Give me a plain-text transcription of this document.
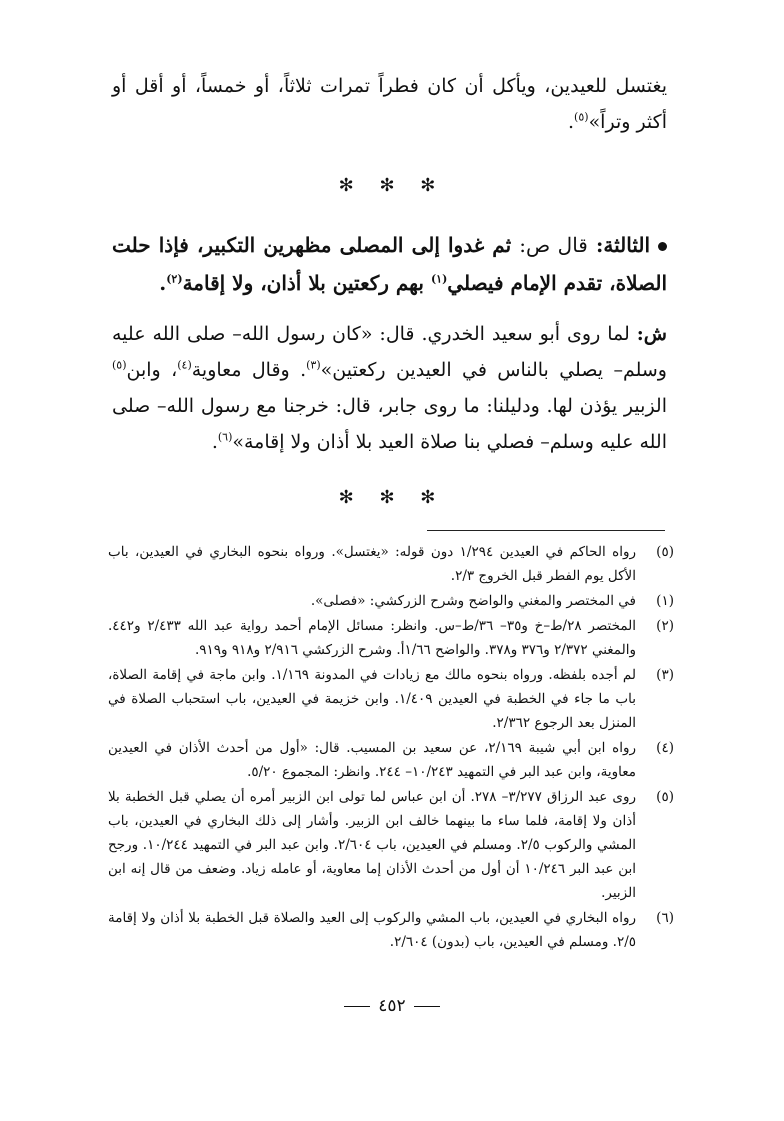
يغتسل للعيدين، ويأكل أن كان فطراً تمرات ثلاثاً، أو خمساً، أو أقل أو أكثر وتراً»$^{(٥)}$.

✻ ✻ ✻

الثالثة: قال ص: ثم غدوا إلى المصلى مظهرين التكبير، فإذا حلت الصلاة، تقدم الإمام فيصلي$^{(١)}$ بهم ركعتين بلا أذان، ولا إقامة$^{(٢)}$.

ش: لما روى أبو سعيد الخدري. قال: «كان رسول الله– صلى الله عليه وسلم– يصلي بالناس في العيدين ركعتين»$^{(٣)}$. وقال معاوية$^{(٤)}$، وابن$^{(٥)}$ الزبير يؤذن لها. ودليلنا: ما روى جابر، قال: خرجنا مع رسول الله– صلى الله عليه وسلم– فصلي بنا صلاة العيد بلا أذان ولا إقامة»$^{(٦)}$.

✻ ✻ ✻
(٥)
رواه الحاكم في العيدين ١/٢٩٤ دون قوله: «يغتسل». ورواه بنحوه البخاري في العيدين، باب الأكل يوم الفطر قبل الخروج ٢/٣.
(١)
في المختصر والمغني والواضح وشرح الزركشي: «فصلى».
(٢)
المختصر ٢٨/ط–خ و٣٥– ٣٦/ط–س. وانظر: مسائل الإمام أحمد رواية عبد الله ٢/٤٣٣ و٤٤٢. والمغني ٢/٣٧٢ و٣٧٦ و٣٧٨. والواضح ١/٦٦أ. وشرح الزركشي ٢/٩١٦ و٩١٨ و٩١٩.
(٣)
لم أجده بلفظه. ورواه بنحوه مالك مع زيادات في المدونة ١/١٦٩. وابن ماجة في إقامة الصلاة، باب ما جاء في الخطبة في العيدين ١/٤٠٩. وابن خزيمة في العيدين، باب استحباب الصلاة في المنزل بعد الرجوع ٢/٣٦٢.
(٤)
رواه ابن أبي شيبة ٢/١٦٩، عن سعيد بن المسيب. قال: «أول من أحدث الأذان في العيدين معاوية، وابن عبد البر في التمهيد ١٠/٢٤٣– ٢٤٤. وانظر: المجموع ٥/٢٠.
(٥)
روى عبد الرزاق ٣/٢٧٧– ٢٧٨. أن ابن عباس لما تولى ابن الزبير أمره أن يصلي قبل الخطبة بلا أذان ولا إقامة، فلما ساء ما بينهما خالف ابن الزبير. وأشار إلى ذلك البخاري في العيدين، باب المشي والركوب ٢/٥. ومسلم في العيدين، باب ٢/٦٠٤. وابن عبد البر في التمهيد ١٠/٢٤٤. ورجح ابن عبد البر ١٠/٢٤٦ أن أول من أحدث الأذان إما معاوية، أو عامله زياد. وضعف من قال إنه ابن الزبير.
(٦)
رواه البخاري في العيدين، باب المشي والركوب إلى العيد والصلاة قبل الخطبة بلا أذان ولا إقامة ٢/٥. ومسلم في العيدين، باب (بدون) ٢/٦٠٤.
٤٥٢
